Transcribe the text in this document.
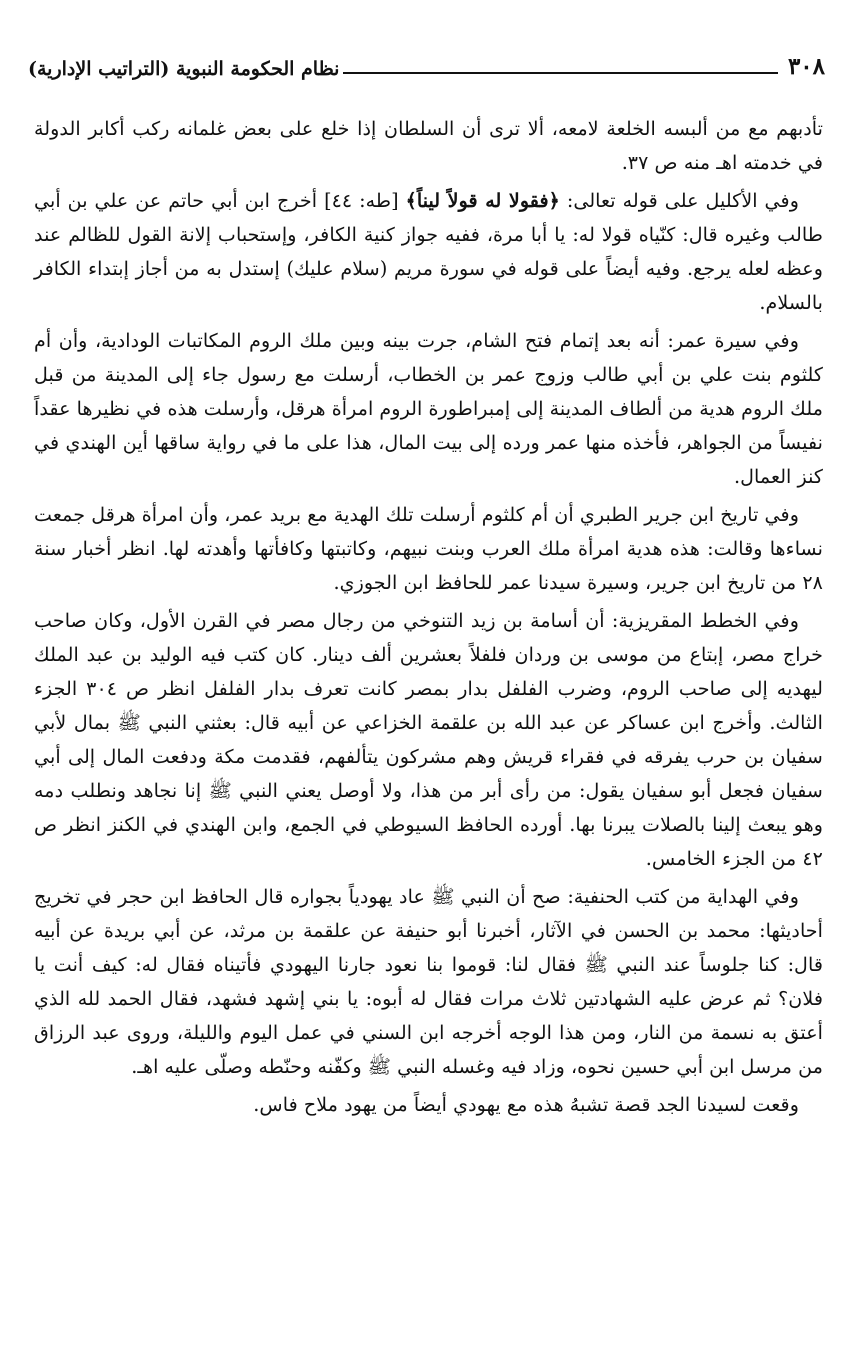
٣٠٨
نظام الحكومة النبوية (التراتيب الإدارية)

تأدبهم مع من ألبسه الخلعة لامعه، ألا ترى أن السلطان إذا خلع على بعض غلمانه ركب أكابر الدولة في خدمته اهـ منه ص ٣٧.

وفي الأكليل على قوله تعالى: ﴿فقولا له قولاً ليناً﴾ [طه: ٤٤] أخرج ابن أبي حاتم عن علي بن أبي طالب وغيره قال: كنّياه قولا له: يا أبا مرة، ففيه جواز كنية الكافر، وإستحباب إلانة القول للظالم عند وعظه لعله يرجع. وفيه أيضاً على قوله في سورة مريم (سلام عليك) إستدل به من أجاز إبتداء الكافر بالسلام.

وفي سيرة عمر: أنه بعد إتمام فتح الشام، جرت بينه وبين ملك الروم المكاتبات الودادية، وأن أم كلثوم بنت علي بن أبي طالب وزوج عمر بن الخطاب، أرسلت مع رسول جاء إلى المدينة من قبل ملك الروم هدية من ألطاف المدينة إلى إمبراطورة الروم امرأة هرقل، وأرسلت هذه في نظيرها عقداً نفيساً من الجواهر، فأخذه منها عمر ورده إلى بيت المال، هذا على ما في رواية ساقها أين الهندي في كنز العمال.

وفي تاريخ ابن جرير الطبري أن أم كلثوم أرسلت تلك الهدية مع بريد عمر، وأن امرأة هرقل جمعت نساءها وقالت: هذه هدية امرأة ملك العرب وبنت نبيهم، وكاتبتها وكافأتها وأهدته لها. انظر أخبار سنة ٢٨ من تاريخ ابن جرير، وسيرة سيدنا عمر للحافظ ابن الجوزي.

وفي الخطط المقريزية: أن أسامة بن زيد التنوخي من رجال مصر في القرن الأول، وكان صاحب خراج مصر، إبتاع من موسى بن وردان فلفلاً بعشرين ألف دينار. كان كتب فيه الوليد بن عبد الملك ليهديه إلى صاحب الروم، وضرب الفلفل بدار بمصر كانت تعرف بدار الفلفل انظر ص ٣٠٤ الجزء الثالث. وأخرج ابن عساكر عن عبد الله بن علقمة الخزاعي عن أبيه قال: بعثني النبي ﷺ بمال لأبي سفيان بن حرب يفرقه في فقراء قريش وهم مشركون يتألفهم، فقدمت مكة ودفعت المال إلى أبي سفيان فجعل أبو سفيان يقول: من رأى أبر من هذا، ولا أوصل يعني النبي ﷺ إنا نجاهد ونطلب دمه وهو يبعث إلينا بالصلات يبرنا بها. أورده الحافظ السيوطي في الجمع، وابن الهندي في الكنز انظر ص ٤٢ من الجزء الخامس.

وفي الهداية من كتب الحنفية: صح أن النبي ﷺ عاد يهودياً بجواره قال الحافظ ابن حجر في تخريج أحاديثها: محمد بن الحسن في الآثار، أخبرنا أبو حنيفة عن علقمة بن مرثد، عن أبي بريدة عن أبيه قال: كنا جلوساً عند النبي ﷺ فقال لنا: قوموا بنا نعود جارنا اليهودي فأتيناه فقال له: كيف أنت يا فلان؟ ثم عرض عليه الشهادتين ثلاث مرات فقال له أبوه: يا بني إشهد فشهد، فقال الحمد لله الذي أعتق به نسمة من النار، ومن هذا الوجه أخرجه ابن السني في عمل اليوم والليلة، وروى عبد الرزاق من مرسل ابن أبي حسين نحوه، وزاد فيه وغسله النبي ﷺ وكفّنه وحنّطه وصلّى عليه اهـ.

وقعت لسيدنا الجد قصة تشبهُ هذه مع يهودي أيضاً من يهود ملاح فاس.
